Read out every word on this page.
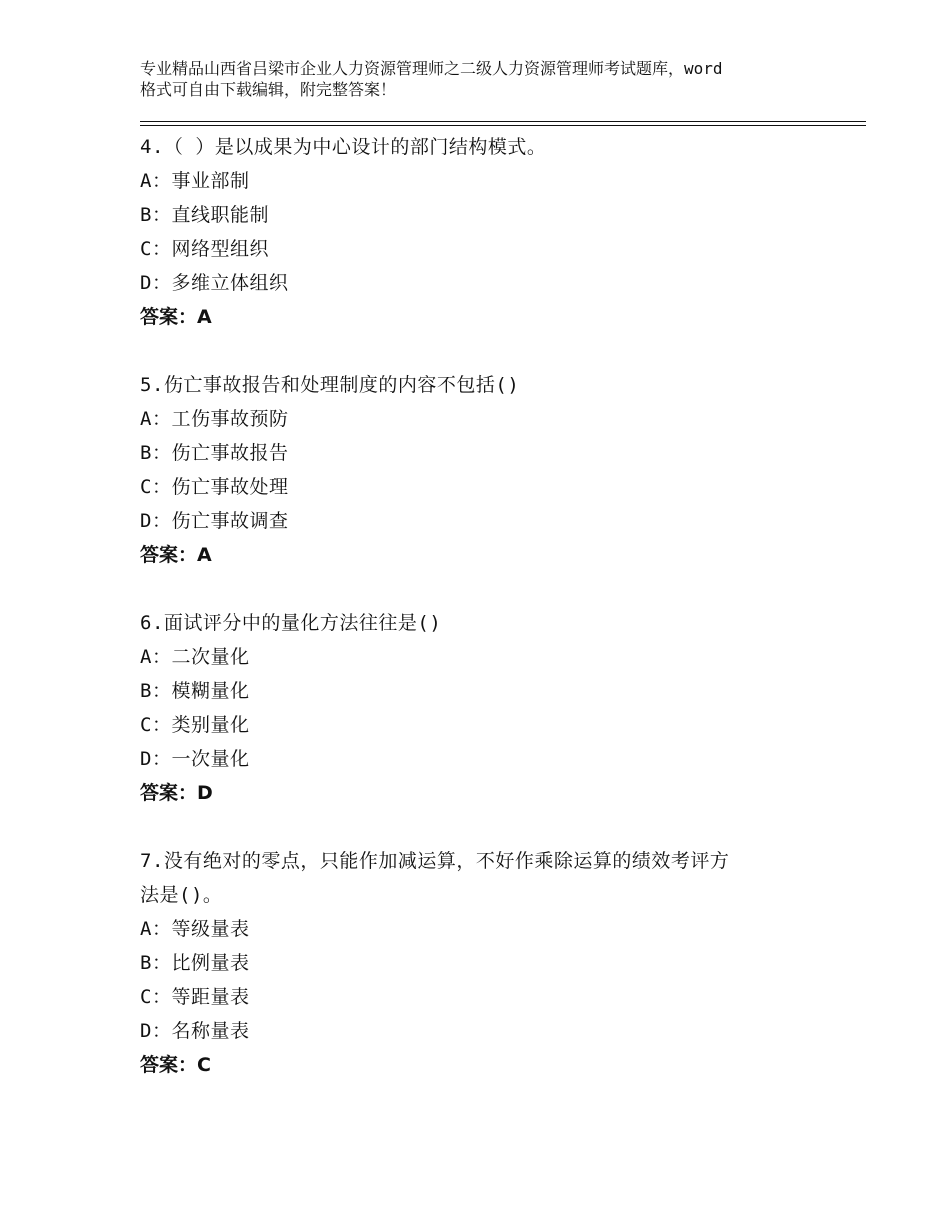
专业精品山西省吕梁市企业人力资源管理师之二级人力资源管理师考试题库，word
格式可自由下载编辑，附完整答案！
4.（ ）是以成果为中心设计的部门结构模式。
A：事业部制
B：直线职能制
C：网络型组织
D：多维立体组织
答案：A
5.伤亡事故报告和处理制度的内容不包括()
A：工伤事故预防
B：伤亡事故报告
C：伤亡事故处理
D：伤亡事故调查
答案：A
6.面试评分中的量化方法往往是()
A：二次量化
B：模糊量化
C：类别量化
D：一次量化
答案：D
7.没有绝对的零点，只能作加减运算，不好作乘除运算的绩效考评方
法是()。
A：等级量表
B：比例量表
C：等距量表
D：名称量表
答案：C
